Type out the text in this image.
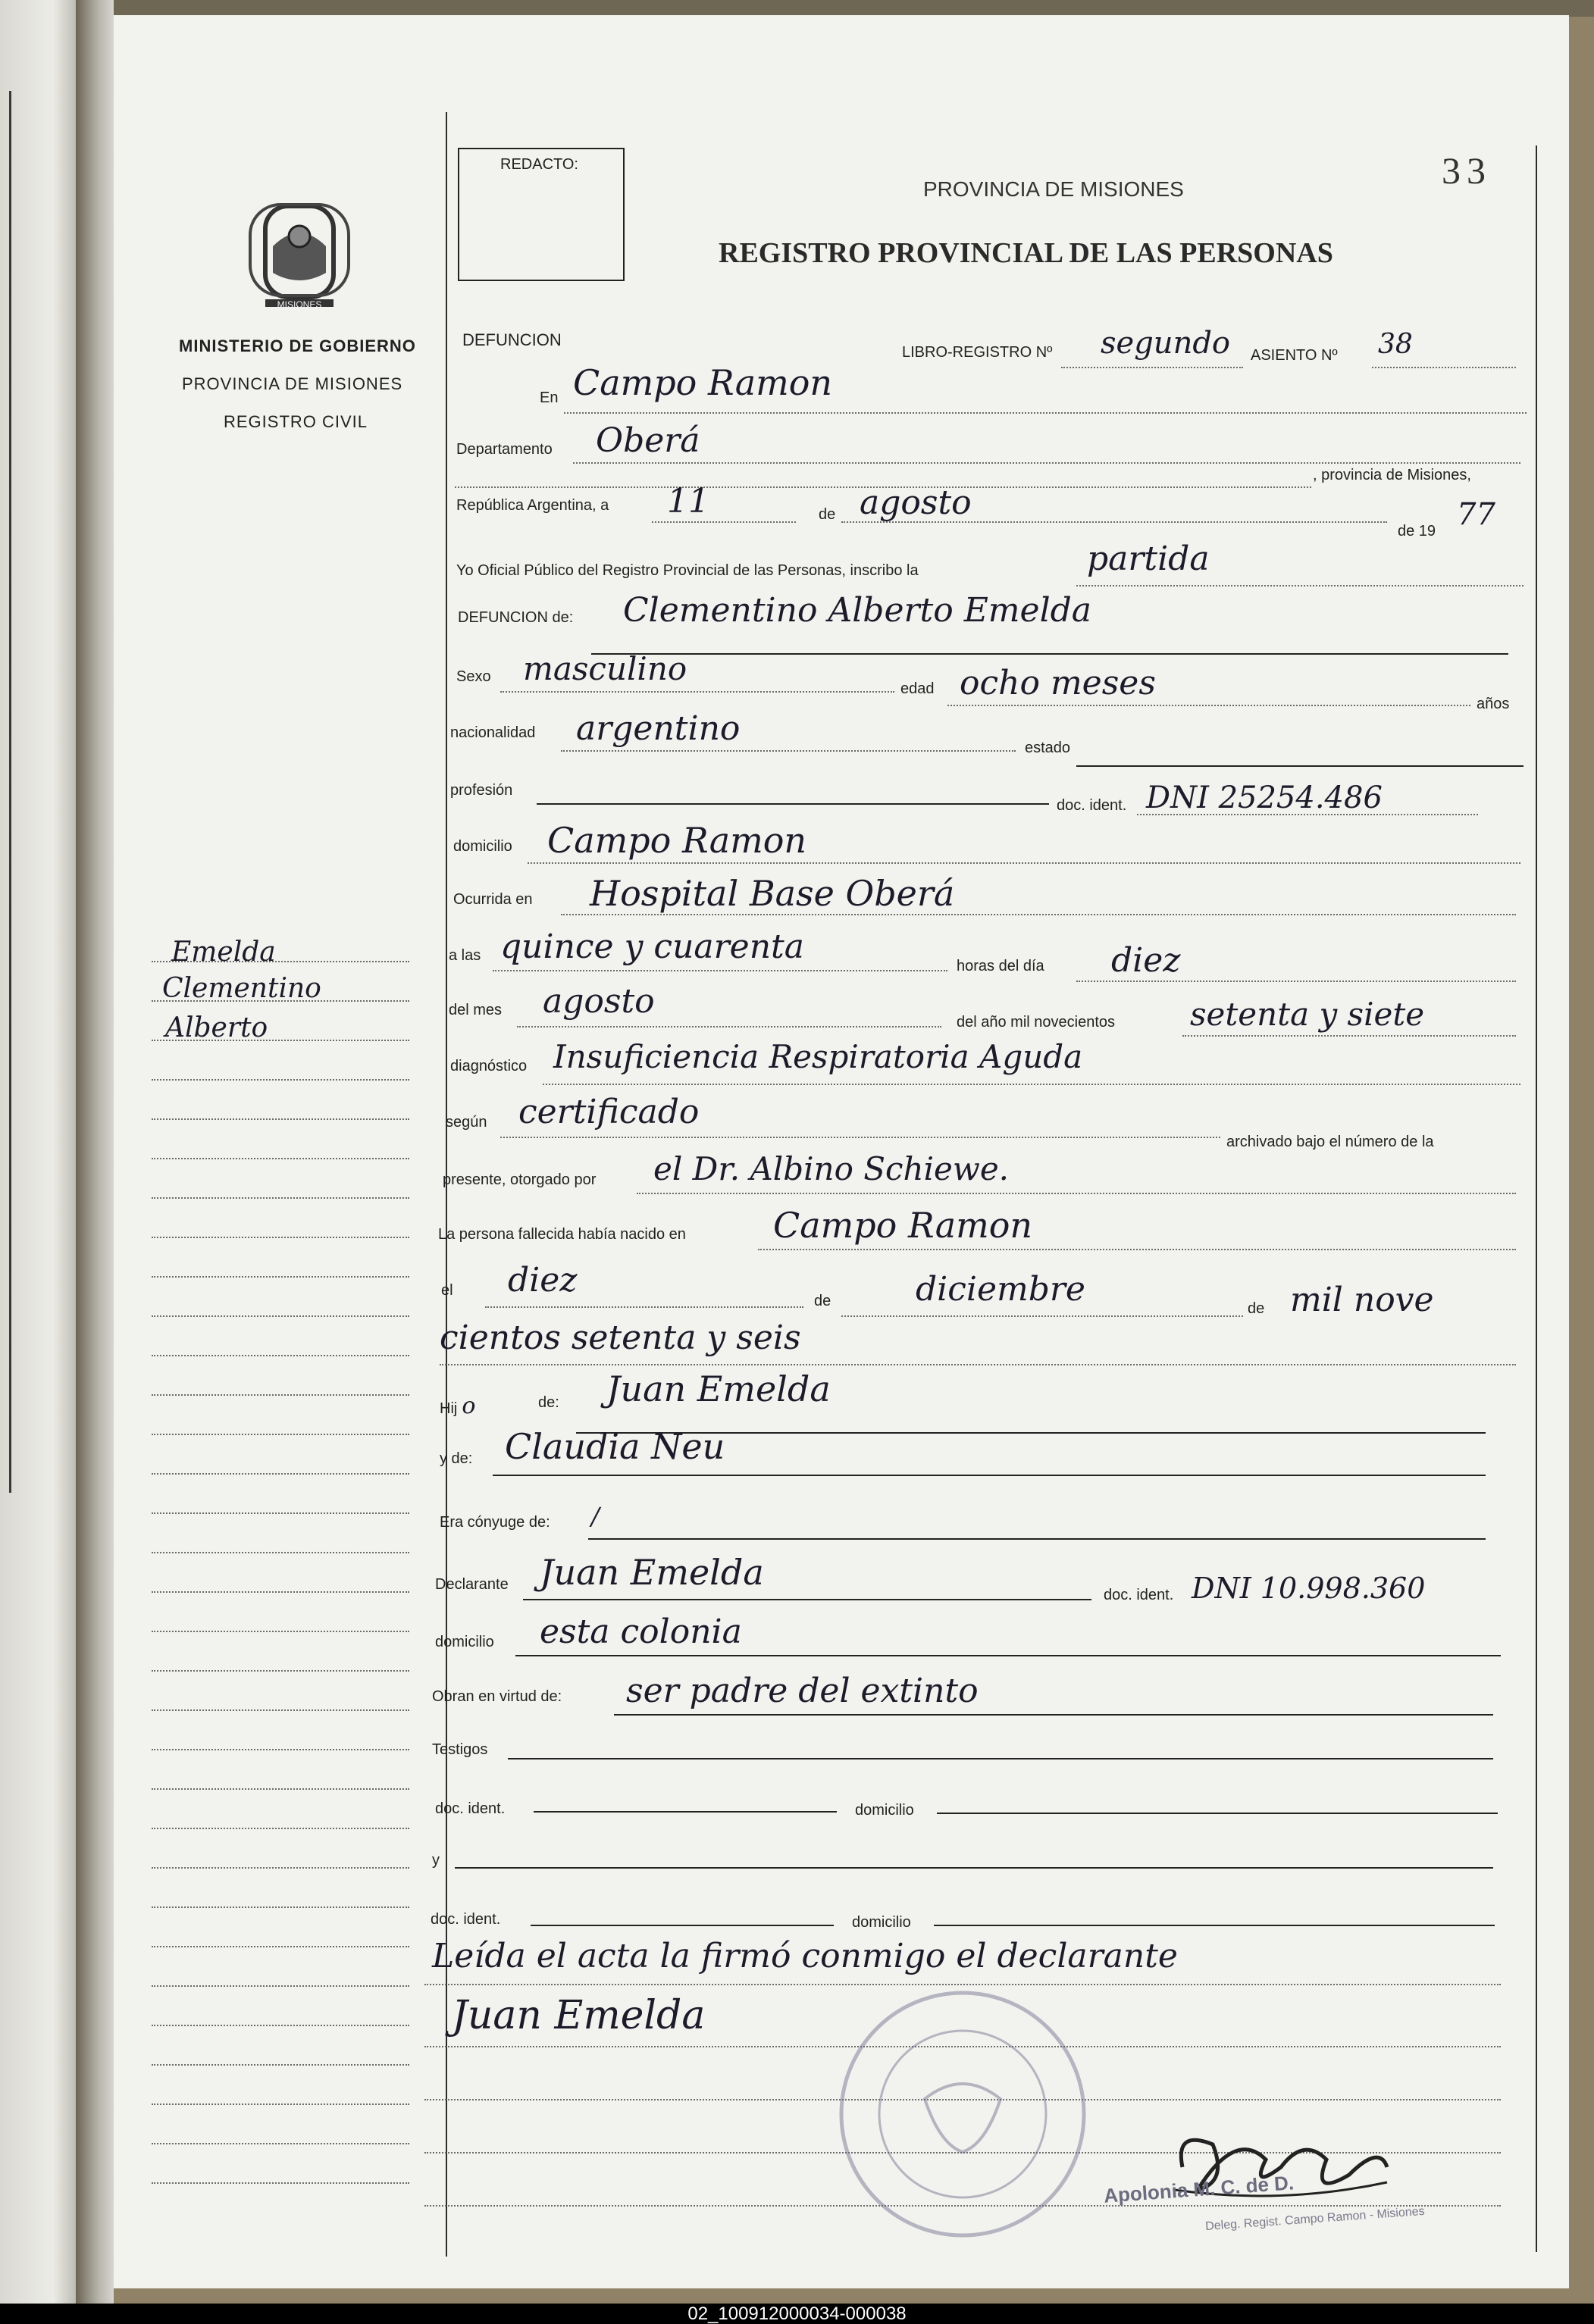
33
REDACTO:
PROVINCIA DE MISIONES
REGISTRO PROVINCIAL DE LAS PERSONAS
MISIONES
MINISTERIO DE GOBIERNO
PROVINCIA DE MISIONES
REGISTRO CIVIL
Emelda
Clementino
Alberto
DEFUNCION
LIBRO-REGISTRO Nº segundo ASIENTO Nº 38
En Campo Ramon
Departamento Oberá
, provincia de Misiones,
República Argentina, a 11	de agosto
de 19 77
Yo Oficial Público del Registro Provincial de las Personas, inscribo la	partida
DEFUNCION de: Clementino Alberto Emelda
Sexo masculino
edad ocho meses
años
nacionalidad argentino	estado
profesión
doc. ident. DNI 25254.486
domicilio Campo Ramon
Ocurrida en Hospital Base Oberá
a las quince y cuarenta	horas del día diez
del mes agosto
del año mil novecientos setenta y siete
diagnóstico Insuficiencia Respiratoria Aguda
según certificado
archivado bajo el número de la
presente, otorgado por el Dr. Albino Schiewe.
La persona fallecida había nacido en	Campo Ramon
el diez
de	diciembre	de mil nove
cientos setenta y seis
Hij o	de: Juan Emelda
y de: Claudia Neu
Era cónyuge de: /
Declarante Juan Emelda
doc. ident. DNI 10.998.360
domicilio esta colonia
Obran en virtud de: ser padre del extinto
Testigos
doc. ident.	domicilio
y
doc. ident.	domicilio
Leída el acta la firmó conmigo el declarante
Juan Emelda
Apolonia M. C. de D.
Deleg. Regist. Campo Ramon - Misiones
02_100912000034-000038
